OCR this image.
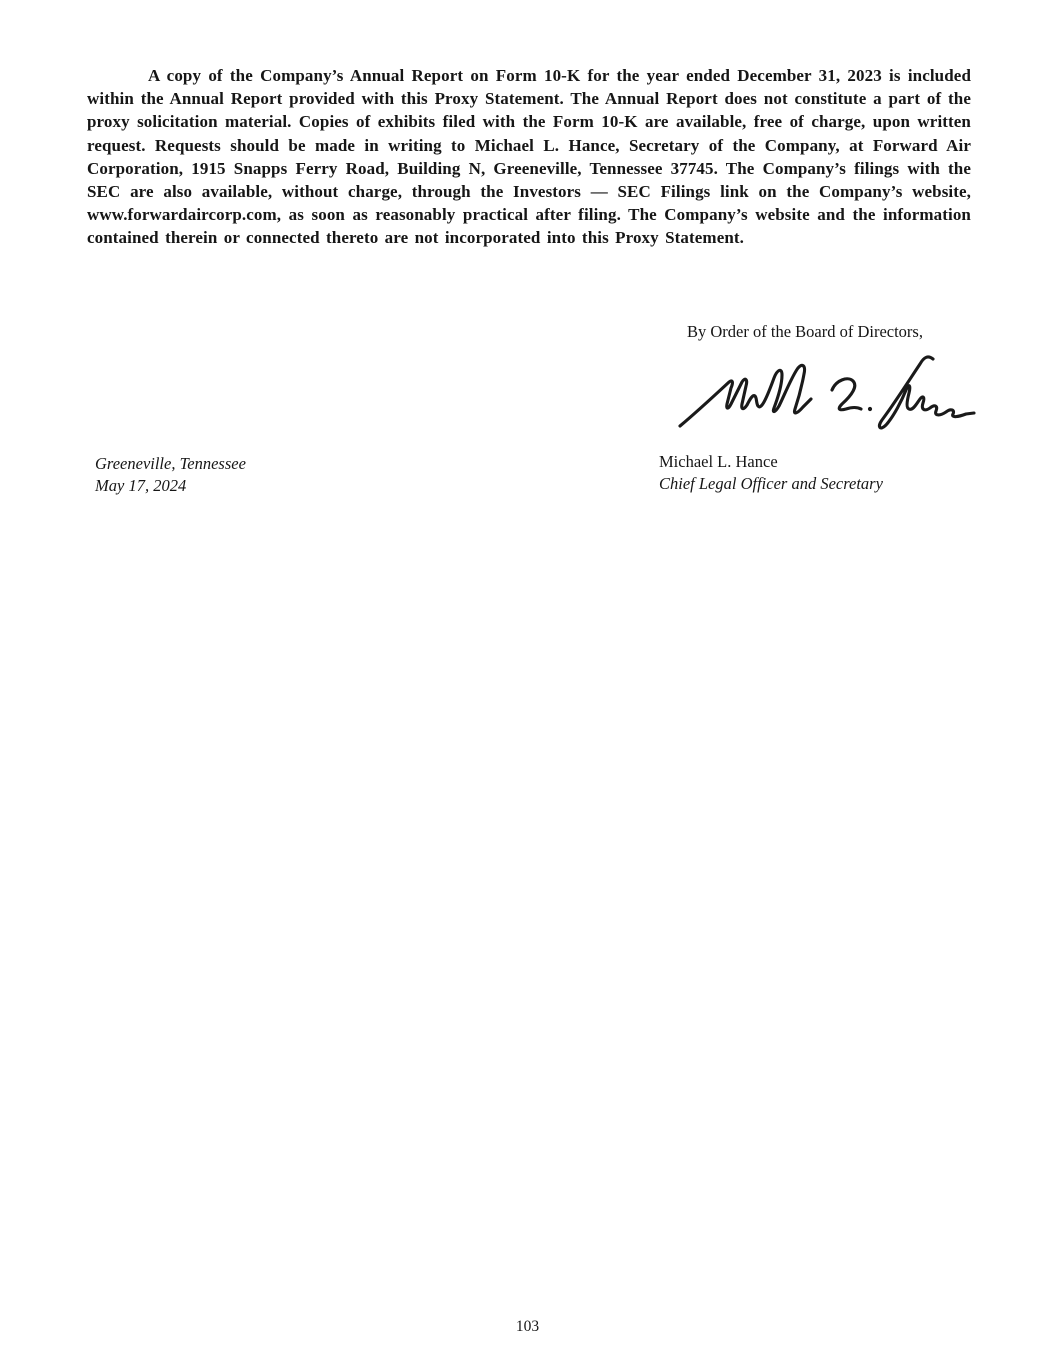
A copy of the Company’s Annual Report on Form 10-K for the year ended December 31, 2023 is included within the Annual Report provided with this Proxy Statement. The Annual Report does not constitute a part of the proxy solicitation material. Copies of exhibits filed with the Form 10-K are available, free of charge, upon written request. Requests should be made in writing to Michael L. Hance, Secretary of the Company, at Forward Air Corporation, 1915 Snapps Ferry Road, Building N, Greeneville, Tennessee 37745. The Company’s filings with the SEC are also available, without charge, through the Investors — SEC Filings link on the Company’s website, www.forwardaircorp.com, as soon as reasonably practical after filing. The Company’s website and the information contained therein or connected thereto are not incorporated into this Proxy Statement.

By Order of the Board of Directors,
Michael L. Hance
Chief Legal Officer and Secretary
Greeneville, Tennessee
May 17, 2024
103
